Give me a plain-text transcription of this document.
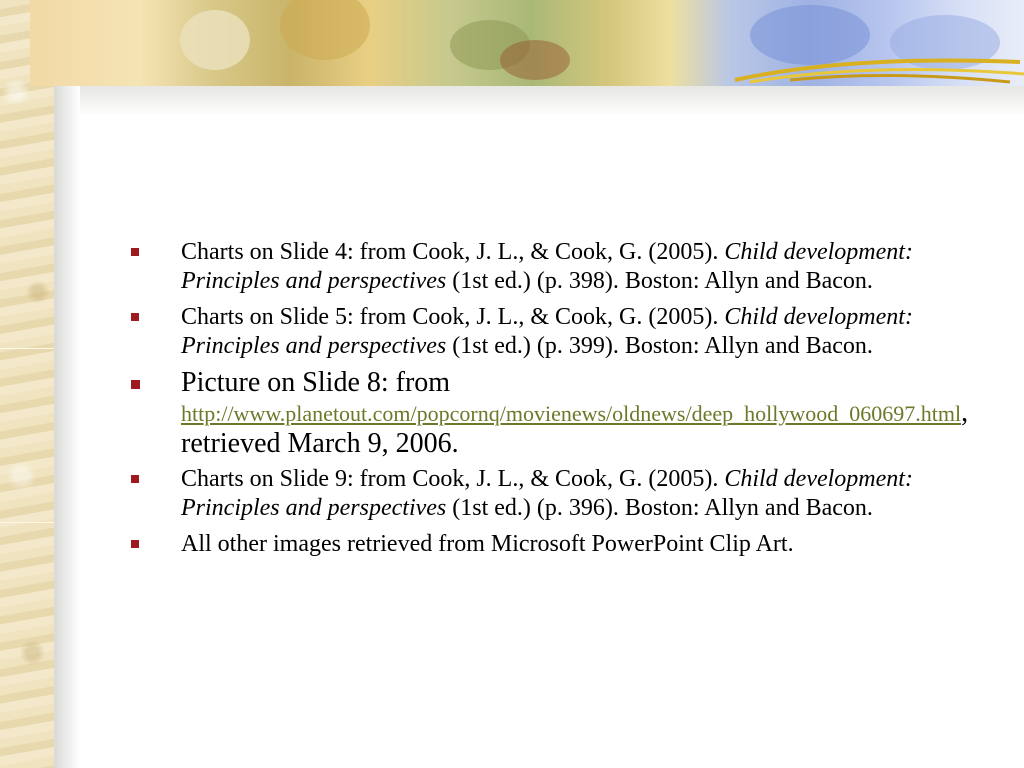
Charts on Slide 4: from Cook, J. L., & Cook, G. (2005). Child development: Principles and perspectives (1st ed.) (p. 398). Boston: Allyn and Bacon.
Charts on Slide 5: from Cook, J. L., & Cook, G. (2005). Child development: Principles and perspectives (1st ed.) (p. 399). Boston: Allyn and Bacon.
Picture on Slide 8: from
http://www.planetout.com/popcornq/movienews/oldnews/deep_hollywood_060697.html, retrieved March 9, 2006.
Charts on Slide 9: from Cook, J. L., & Cook, G. (2005). Child development: Principles and perspectives (1st ed.) (p. 396). Boston: Allyn and Bacon.
All other images retrieved from Microsoft PowerPoint Clip Art.
